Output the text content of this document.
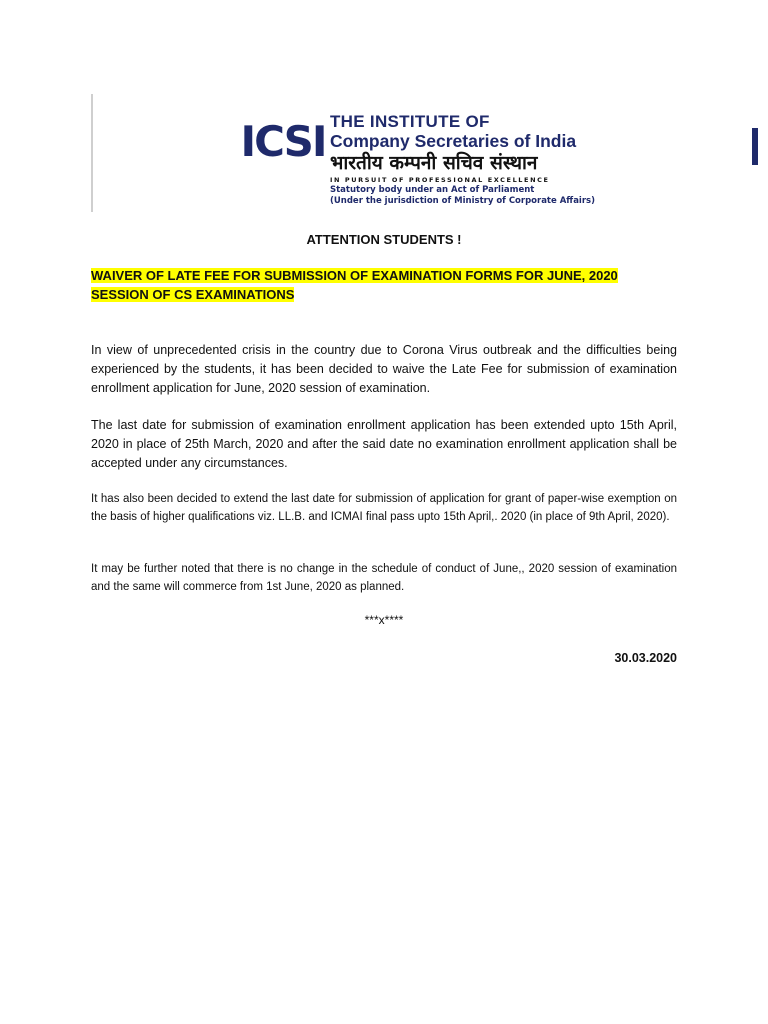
ICSI THE INSTITUTE OF
Company Secretaries of India
भारतीय कम्पनी सचिव संस्थान
IN PURSUIT OF PROFESSIONAL EXCELLENCE
Statutory body under an Act of Parliament
(Under the jurisdiction of Ministry of Corporate Affairs)
ATTENTION STUDENTS !
WAIVER OF LATE FEE FOR SUBMISSION OF EXAMINATION FORMS FOR JUNE, 2020 SESSION OF CS EXAMINATIONS
In view of unprecedented crisis in the country due to Corona Virus outbreak and the difficulties being experienced by the students, it has been decided to waive the Late Fee for submission of examination enrollment application for June, 2020 session of examination.
The last date for submission of examination enrollment application has been extended upto 15th April, 2020 in place of 25th March, 2020 and after the said date no examination enrollment application shall be accepted under any circumstances.
It has also been decided to extend the last date for submission of application for grant of paper-wise exemption on the basis of higher qualifications viz. LL.B. and ICMAI final pass upto 15th April,. 2020 (in place of 9th April, 2020).
It may be further noted that there is no change in the schedule of conduct of June,, 2020 session of examination and the same will commerce from 1st June, 2020 as planned.
***x****
30.03.2020
